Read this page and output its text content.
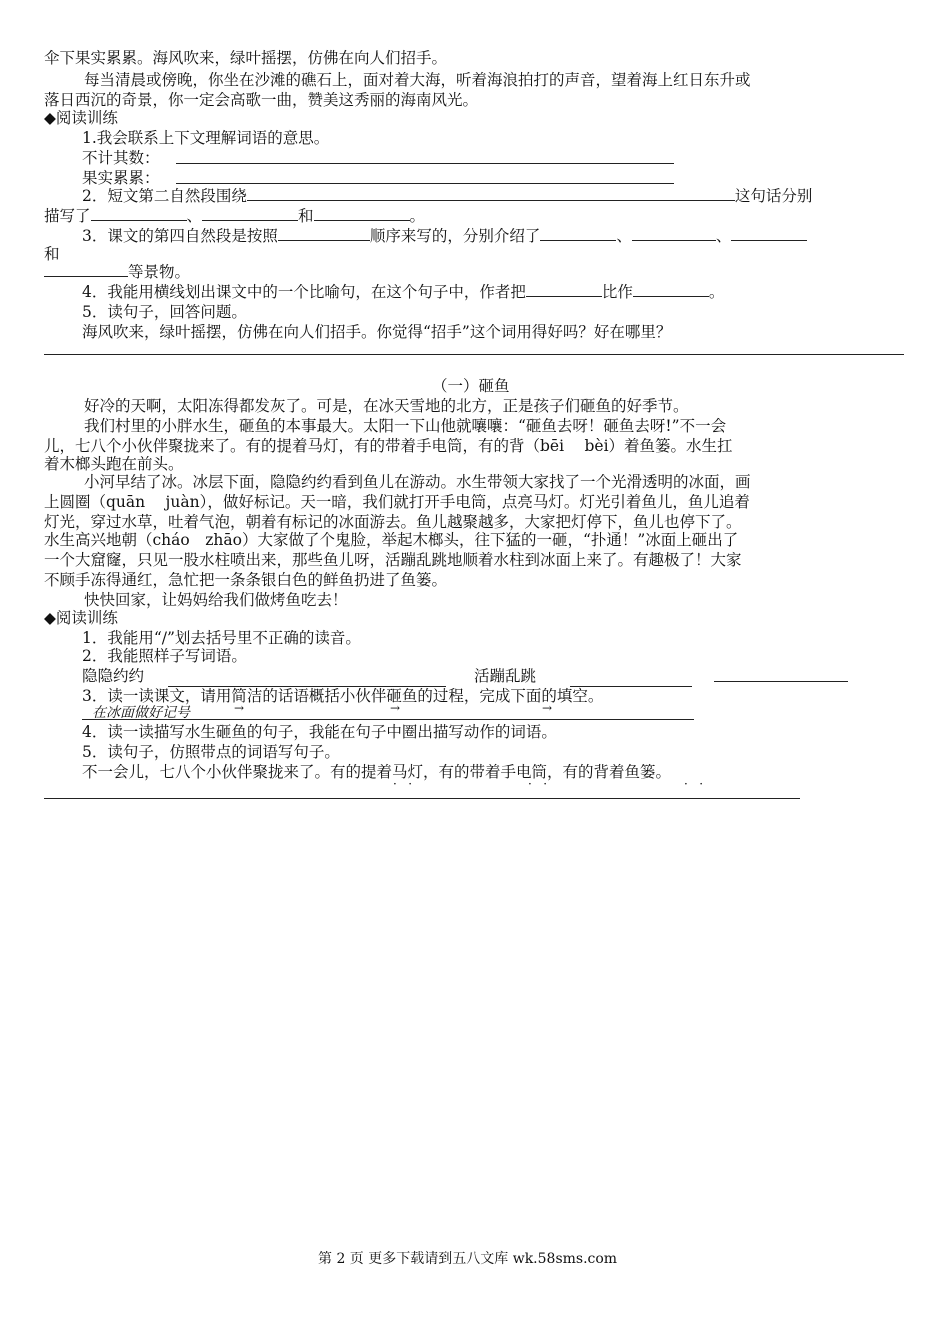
伞下果实累累。海风吹来，绿叶摇摆，仿佛在向人们招手。
每当清晨或傍晚，你坐在沙滩的礁石上，面对着大海，听着海浪拍打的声音，望着海上红日东升或
落日西沉的奇景，你一定会高歌一曲，赞美这秀丽的海南风光。
◆阅读训练
1.我会联系上下文理解词语的意思。
不计其数：
果实累累：
2．短文第二自然段围绕	这句话分别
描写了	、	和	。
3．课文的第四自然段是按照	顺序来写的，分别介绍了	、	、
和
等景物。
4．我能用横线划出课文中的一个比喻句，在这个句子中，作者把	比作	。
5．读句子，回答问题。
海风吹来，绿叶摇摆，仿佛在向人们招手。你觉得“招手”这个词用得好吗？好在哪里？
（一）砸鱼
好冷的天啊，太阳冻得都发灰了。可是，在冰天雪地的北方，正是孩子们砸鱼的好季节。
我们村里的小胖水生，砸鱼的本事最大。太阳一下山他就嚷嚷：“砸鱼去呀！砸鱼去呀!”不一会
儿，七八个小伙伴聚拢来了。有的提着马灯，有的带着手电筒，有的背（bēi　 bèi）着鱼篓。水生扛
着木榔头跑在前头。
小河早结了冰。冰层下面，隐隐约约看到鱼儿在游动。水生带领大家找了一个光滑透明的冰面，画
上圆圈（quān　 juàn），做好标记。天一暗，我们就打开手电筒，点亮马灯。灯光引着鱼儿，鱼儿追着
灯光，穿过水草，吐着气泡，朝着有标记的冰面游去。鱼儿越聚越多，大家把灯停下，鱼儿也停下了。
水生高兴地朝（cháo　zhāo）大家做了个鬼脸，举起木榔头，往下猛的一砸，“扑通！”冰面上砸出了
一个大窟窿，只见一股水柱喷出来，那些鱼儿呀，活蹦乱跳地顺着水柱到冰面上来了。有趣极了！大家
不顾手冻得通红，急忙把一条条银白色的鲜鱼扔进了鱼篓。
快快回家，让妈妈给我们做烤鱼吃去！
◆阅读训练
1．我能用“/”划去括号里不正确的读音。
2．我能照样子写词语。
隐隐约约	活蹦乱跳
3．读一读课文，请用简洁的话语概括小伙伴砸鱼的过程，完成下面的填空。
在冰面做好记号	→	→	→
4．读一读描写水生砸鱼的句子，我能在句子中圈出描写动作的词语。
5．读句子，仿照带点的词语写句子。
不一会儿，七八个小伙伴聚拢来了。有的提着马灯，有的带着手电筒，有的背着鱼篓。
·   ·	·   ·	·   ·
第 2 页 更多下载请到五八文库 wk.58sms.com
